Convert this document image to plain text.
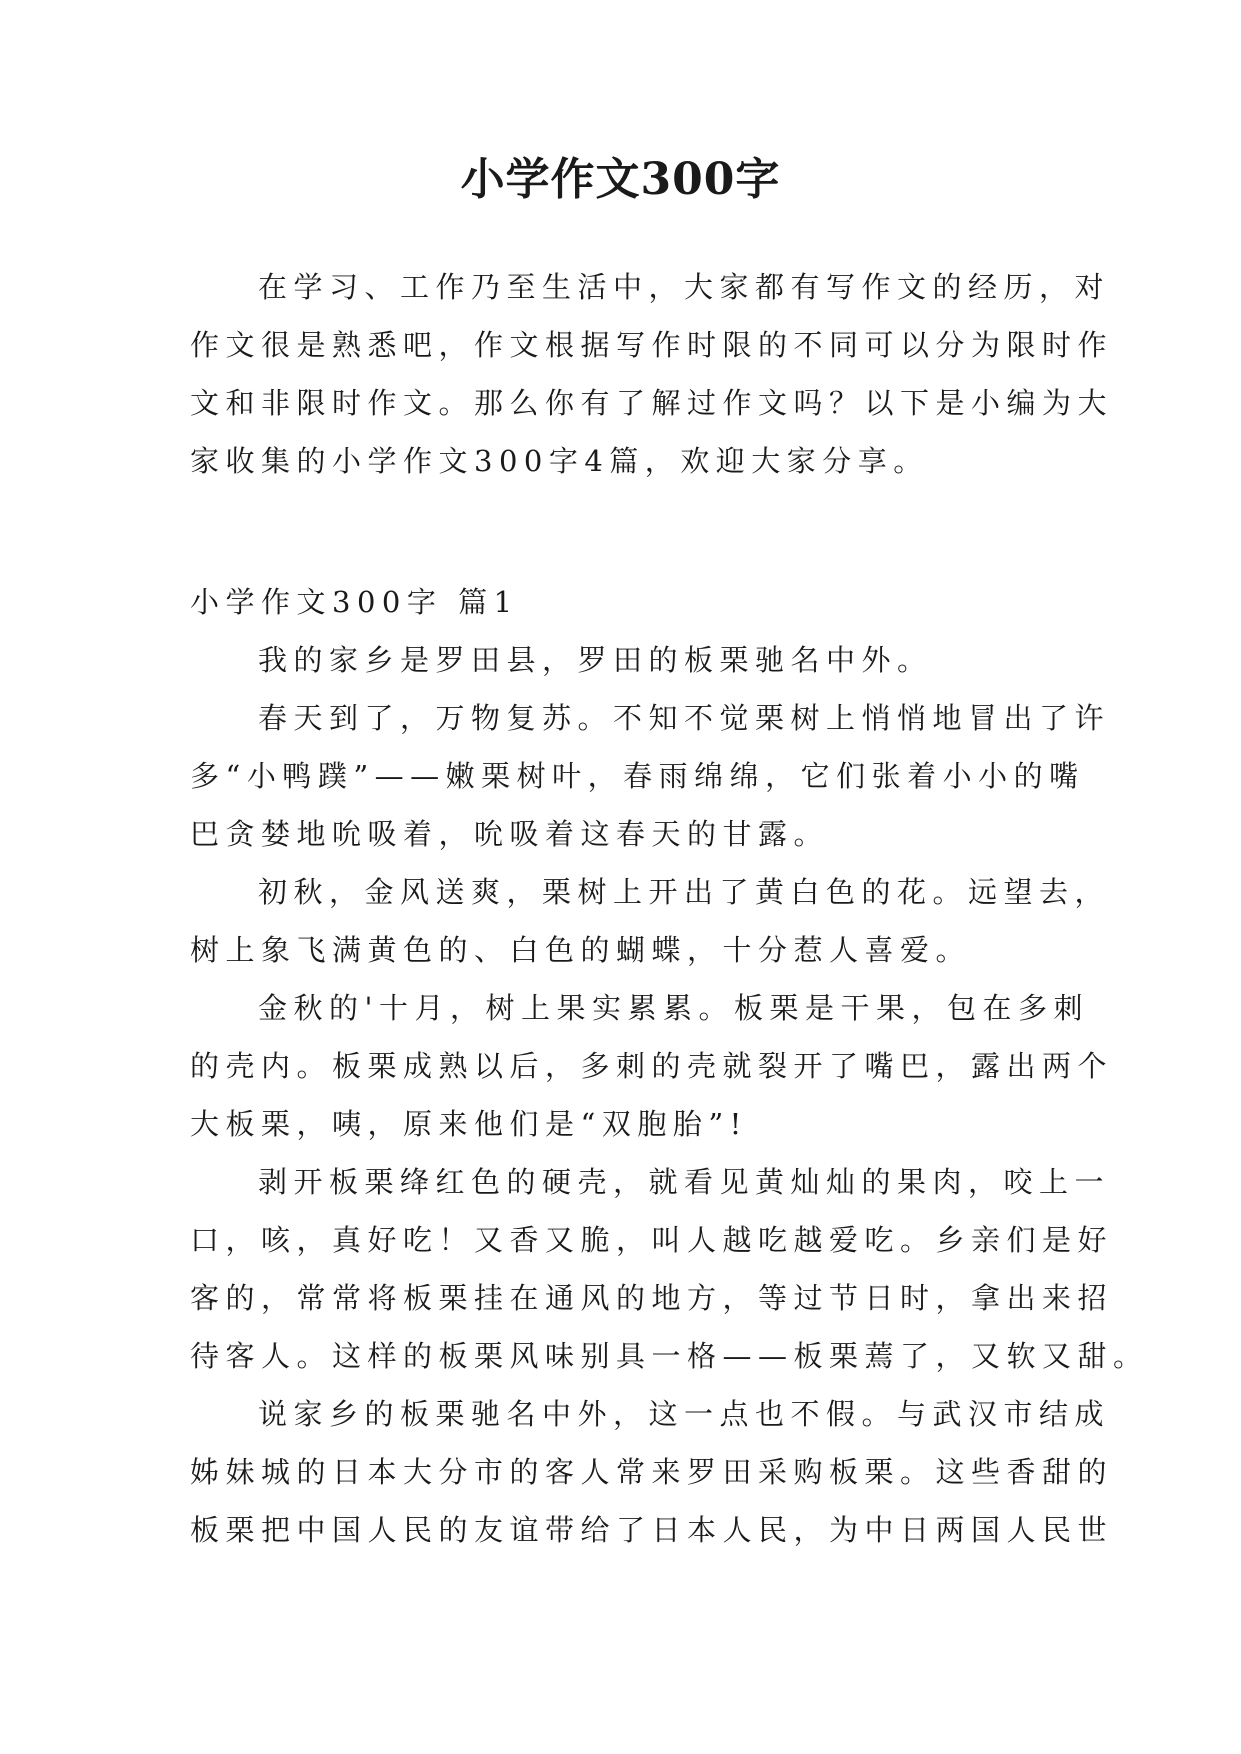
小学作文300字
在学习、工作乃至生活中，大家都有写作文的经历，对
作文很是熟悉吧，作文根据写作时限的不同可以分为限时作
文和非限时作文。那么你有了解过作文吗？以下是小编为大
家收集的小学作文300字4篇，欢迎大家分享。
小学作文300字 篇1
我的家乡是罗田县，罗田的板栗驰名中外。
春天到了，万物复苏。不知不觉栗树上悄悄地冒出了许
多“小鸭蹼”——嫩栗树叶，春雨绵绵，它们张着小小的嘴
巴贪婪地吮吸着，吮吸着这春天的甘露。
初秋，金风送爽，栗树上开出了黄白色的花。远望去，
树上象飞满黄色的、白色的蝴蝶，十分惹人喜爱。
金秋的'十月，树上果实累累。板栗是干果，包在多刺
的壳内。板栗成熟以后，多刺的壳就裂开了嘴巴，露出两个
大板栗，咦，原来他们是“双胞胎”!
剥开板栗绛红色的硬壳，就看见黄灿灿的果肉，咬上一
口，咳，真好吃！又香又脆，叫人越吃越爱吃。乡亲们是好
客的，常常将板栗挂在通风的地方，等过节日时，拿出来招
待客人。这样的板栗风味别具一格——板栗蔫了，又软又甜。
说家乡的板栗驰名中外，这一点也不假。与武汉市结成
姊妹城的日本大分市的客人常来罗田采购板栗。这些香甜的
板栗把中国人民的友谊带给了日本人民，为中日两国人民世
